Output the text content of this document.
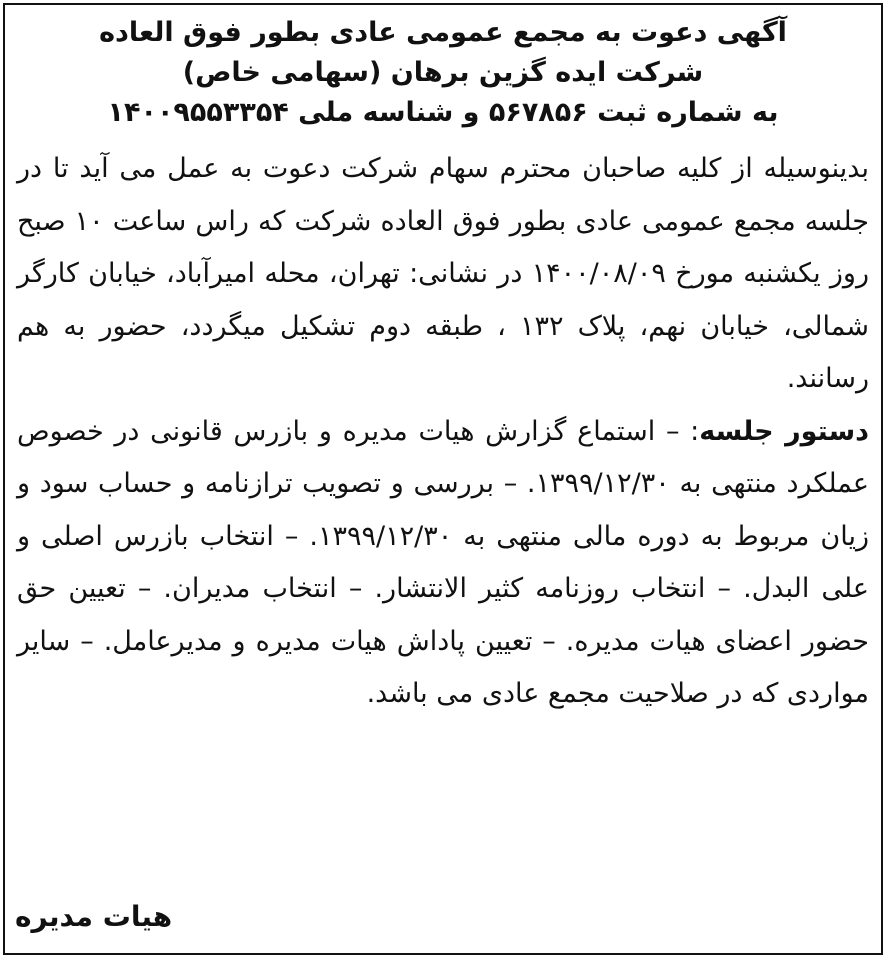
آگهی دعوت به مجمع عمومی عادی بطور فوق العاده
شرکت ایده گزین برهان (سهامی خاص)
به شماره ثبت ۵۶۷۸۵۶ و شناسه ملی ۱۴۰۰۹۵۵۳۳۵۴

بدینوسیله از کلیه صاحبان محترم سهام شرکت دعوت به عمل می آید تا در جلسه مجمع عمومی عادی بطور فوق العاده شرکت که راس ساعت ۱۰ صبح روز یکشنبه مورخ ۱۴۰۰/۰۸/۰۹ در نشانی: تهران، محله امیرآباد، خیابان کارگر شمالی، خیابان نهم، پلاک ۱۳۲ ، طبقه دوم تشکیل میگردد، حضور به هم رسانند.

دستور جلسه: – استماع گزارش هیات مدیره و بازرس قانونی در خصوص عملکرد منتهی به ۱۳۹۹/۱۲/۳۰. – بررسی و تصویب ترازنامه و حساب سود و زیان مربوط به دوره مالی منتهی به ۱۳۹۹/۱۲/۳۰. – انتخاب بازرس اصلی و علی البدل. – انتخاب روزنامه کثیر الانتشار. – انتخاب مدیران. – تعیین حق حضور اعضای هیات مدیره. – تعیین پاداش هیات مدیره و مدیرعامل. – سایر مواردی که در صلاحیت مجمع عادی می باشد.

هیات مدیره
